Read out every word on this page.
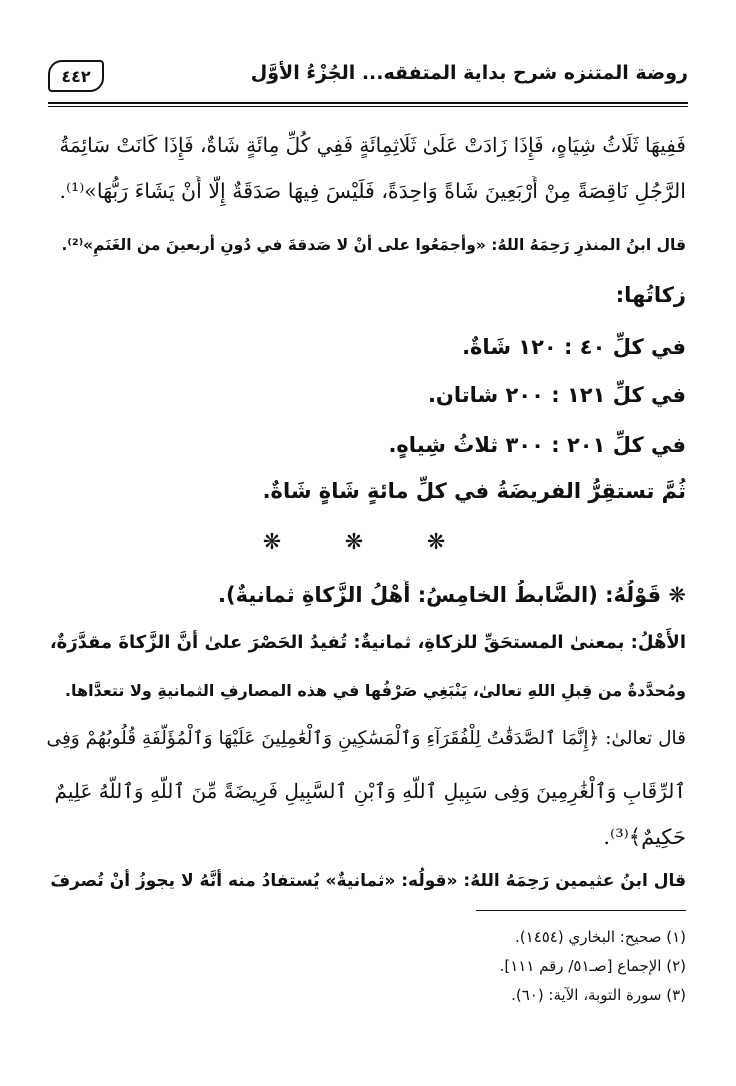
روضة المتنزه شرح بداية المتفقه... الجُزْءُ الأوَّل
٤٤٢
فَفِيهَا ثَلَاثُ شِيَاهٍ، فَإِذَا زَادَتْ عَلَىٰ ثَلَاثِمِائَةٍ فَفِي كُلِّ مِائَةٍ شَاةٌ، فَإِذَا كَانَتْ سَائِمَةُ
الرَّجُلِ نَاقِصَةً مِنْ أَرْبَعِينَ شَاةً وَاحِدَةً، فَلَيْسَ فِيهَا صَدَقَةٌ إِلَّا أَنْ يَشَاءَ رَبُّهَا»⁽¹⁾.
قال ابنُ المنذرِ رَحِمَهُ اللهُ: «وأجمَعُوا على أنْ لا صَدقةَ في دُونِ أربعينَ من الغَنَمِ»⁽²⁾.
زكاتُها:
في كلِّ ٤٠ : ١٢٠ شَاةٌ.
في كلِّ ١٢١ : ٢٠٠ شاتان.
في كلِّ ٢٠١ : ٣٠٠ ثلاثُ شِياهٍ.
ثُمَّ تستقِرُّ الفريضَةُ في كلِّ مائةٍ شَاةٍ شَاةٌ.
❋ ❋ ❋
❋ قَوْلُهُ: (الضَّابطُ الخامِسُ: أَهْلُ الزَّكاةِ ثمانيةٌ).
الأَهْلُ: بمعنىٰ المستحَقِّ للزكاةِ، ثمانيةٌ: تُفيدُ الحَصْرَ علىٰ أنَّ الزَّكاةَ مقدَّرَةٌ،
ومُحدَّدةٌ من قِبلِ اللهِ تعالىٰ، يَنْبَغِي صَرْفُها في هذه المصارفِ الثمانيةِ ولا تتعدَّاها.
قال تعالىٰ: ﴿إِنَّمَا ٱلصَّدَقَٰتُ لِلْفُقَرَآءِ وَٱلْمَسَٰكِينِ وَٱلْعَٰمِلِينَ عَلَيْهَا وَٱلْمُؤَلَّفَةِ قُلُوبُهُمْ وَفِى
ٱلرِّقَابِ وَٱلْغَٰرِمِينَ وَفِى سَبِيلِ ٱللَّهِ وَٱبْنِ ٱلسَّبِيلِ فَرِيضَةً مِّنَ ٱللَّهِ وَٱللَّهُ عَلِيمٌ
حَكِيمٌ﴾⁽³⁾.
قال ابنُ عثيمين رَحِمَهُ اللهُ: «قولُه: «ثمانيةٌ» يُستفادُ منه أنَّهُ لا يجوزُ أنْ تُصرفَ
(١) صحيح: البخاري (١٤٥٤).
(٢) الإجماع [صـ٥١/ رقم ١١١].
(٣) سورة التوبة، الآية: (٦٠).
